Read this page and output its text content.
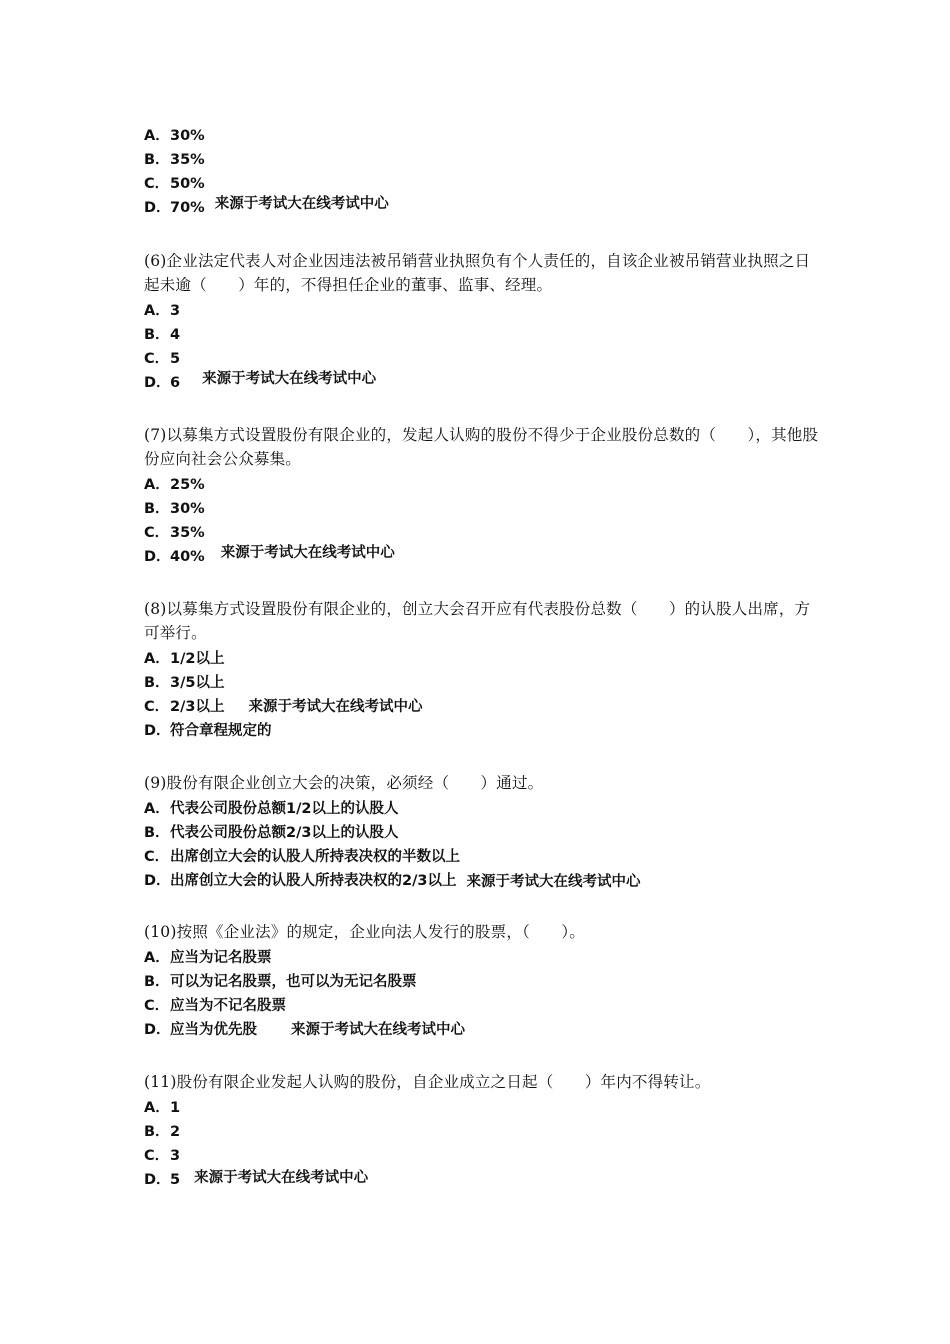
A．30%
B．35%
C．50%
D．70% 来源于考试大在线考试中心

(6)企业法定代表人对企业因违法被吊销营业执照负有个人责任的，自该企业被吊销营业执照之日起未逾（　　）年的，不得担任企业的董事、监事、经理。

A．3
B．4
C．5
D．6 来源于考试大在线考试中心

(7)以募集方式设置股份有限企业的，发起人认购的股份不得少于企业股份总数的（　　），其他股份应向社会公众募集。

A．25%
B．30%
C．35%
D．40% 来源于考试大在线考试中心

(8)以募集方式设置股份有限企业的，创立大会召开应有代表股份总数（　　）的认股人出席，方可举行。

A．1/2以上
B．3/5以上
C．2/3以上 来源于考试大在线考试中心
D．符合章程规定的

(9)股份有限企业创立大会的决策，必须经（　　）通过。

A．代表公司股份总额1/2以上的认股人
B．代表公司股份总额2/3以上的认股人
C．出席创立大会的认股人所持表决权的半数以上
D．出席创立大会的认股人所持表决权的2/3以上 来源于考试大在线考试中心

(10)按照《企业法》的规定，企业向法人发行的股票，（　　）。

A．应当为记名股票
B．可以为记名股票，也可以为无记名股票
C．应当为不记名股票
D．应当为优先股 来源于考试大在线考试中心

(11)股份有限企业发起人认购的股份，自企业成立之日起（　　）年内不得转让。

A．1
B．2
C．3
D．5 来源于考试大在线考试中心
